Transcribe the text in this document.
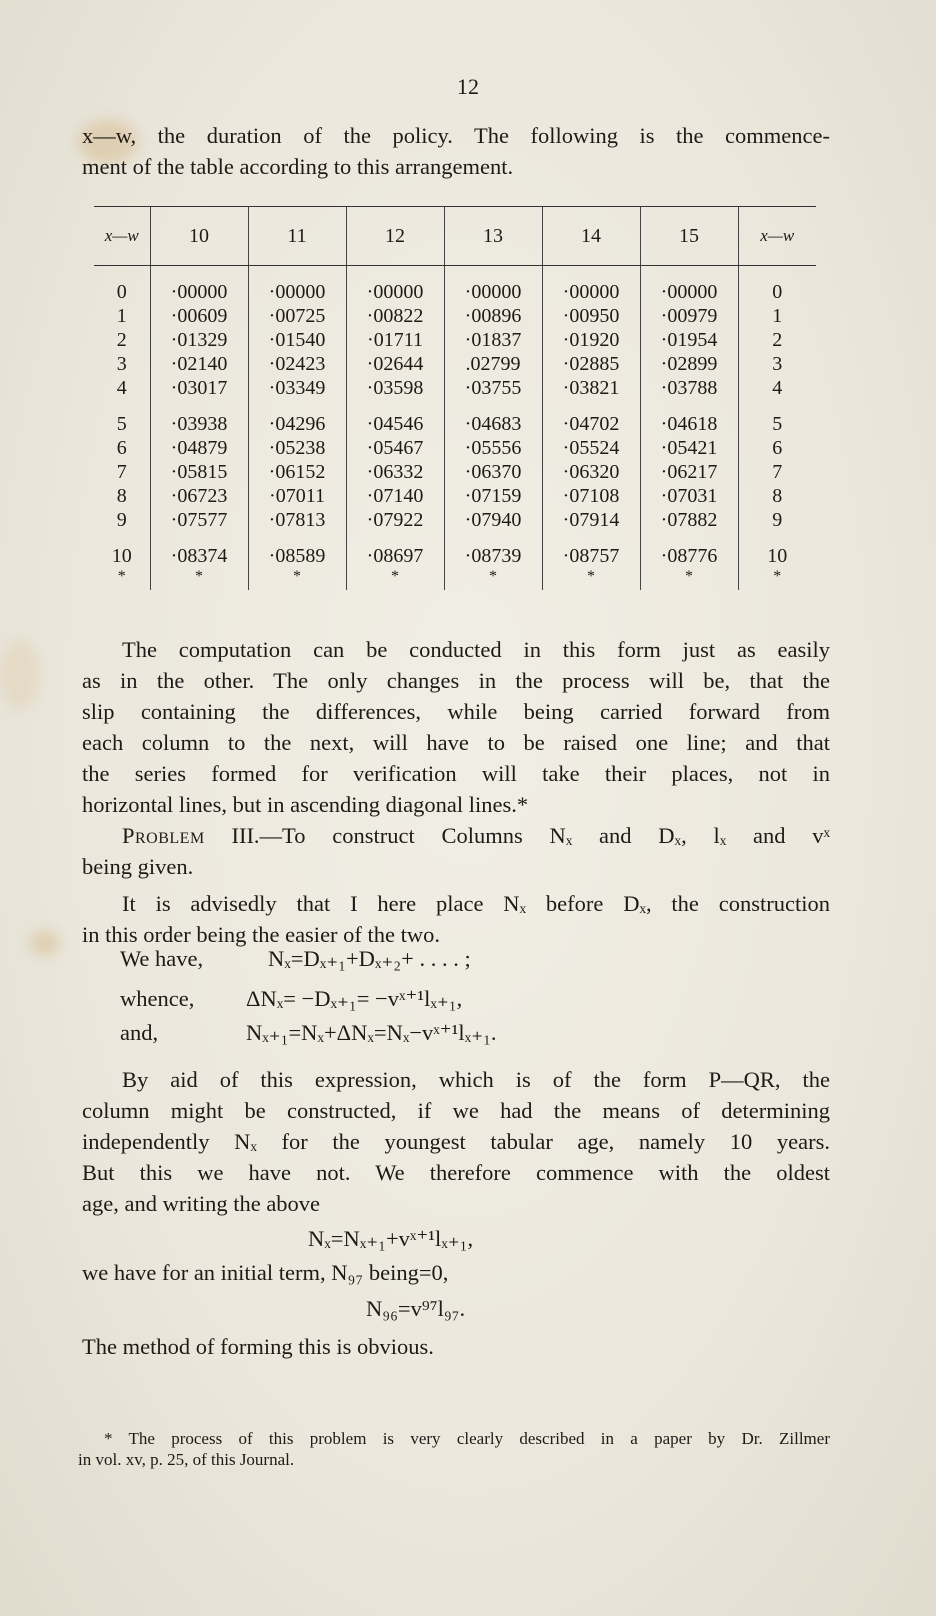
12
x—w, the duration of the policy. The following is the commence-
ment of the table according to this arrangement.
x—w	10	11	12	13	14	15	x—w
0	·00000	·00000	·00000	·00000	·00000	·00000	0
1	·00609	·00725	·00822	·00896	·00950	·00979	1
2	·01329	·01540	·01711	·01837	·01920	·01954	2
3	·02140	·02423	·02644	.02799	·02885	·02899	3
4	·03017	·03349	·03598	·03755	·03821	·03788	4
5	·03938	·04296	·04546	·04683	·04702	·04618	5
6	·04879	·05238	·05467	·05556	·05524	·05421	6
7	·05815	·06152	·06332	·06370	·06320	·06217	7
8	·06723	·07011	·07140	·07159	·07108	·07031	8
9	·07577	·07813	·07922	·07940	·07914	·07882	9
10	·08374	·08589	·08697	·08739	·08757	·08776	10
*	*	*	*	*	*	*	*
The computation can be conducted in this form just as easily
as in the other. The only changes in the process will be, that the
slip containing the differences, while being carried forward from
each column to the next, will have to be raised one line; and that
the series formed for verification will take their places, not in
horizontal lines, but in ascending diagonal lines.*
Problem III.—To construct Columns Nₓ and Dₓ, lₓ and vˣ
being given.
It is advisedly that I here place Nₓ before Dₓ, the construction
in this order being the easier of the two.
We have,	Nₓ=Dₓ₊₁+Dₓ₊₂+ . . . . ;
whence, ΔNₓ= −Dₓ₊₁= −vˣ⁺¹lₓ₊₁,
and,	Nₓ₊₁=Nₓ+ΔNₓ=Nₓ−vˣ⁺¹lₓ₊₁.
By aid of this expression, which is of the form P—QR, the
column might be constructed, if we had the means of determining
independently Nₓ for the youngest tabular age, namely 10 years.
But this we have not. We therefore commence with the oldest
age, and writing the above
Nₓ=Nₓ₊₁+vˣ⁺¹lₓ₊₁,
we have for an initial term, N₉₇ being=0,
N₉₆=v⁹⁷l₉₇.
The method of forming this is obvious.
* The process of this problem is very clearly described in a paper by Dr. Zillmer
in vol. xv, p. 25, of this Journal.
